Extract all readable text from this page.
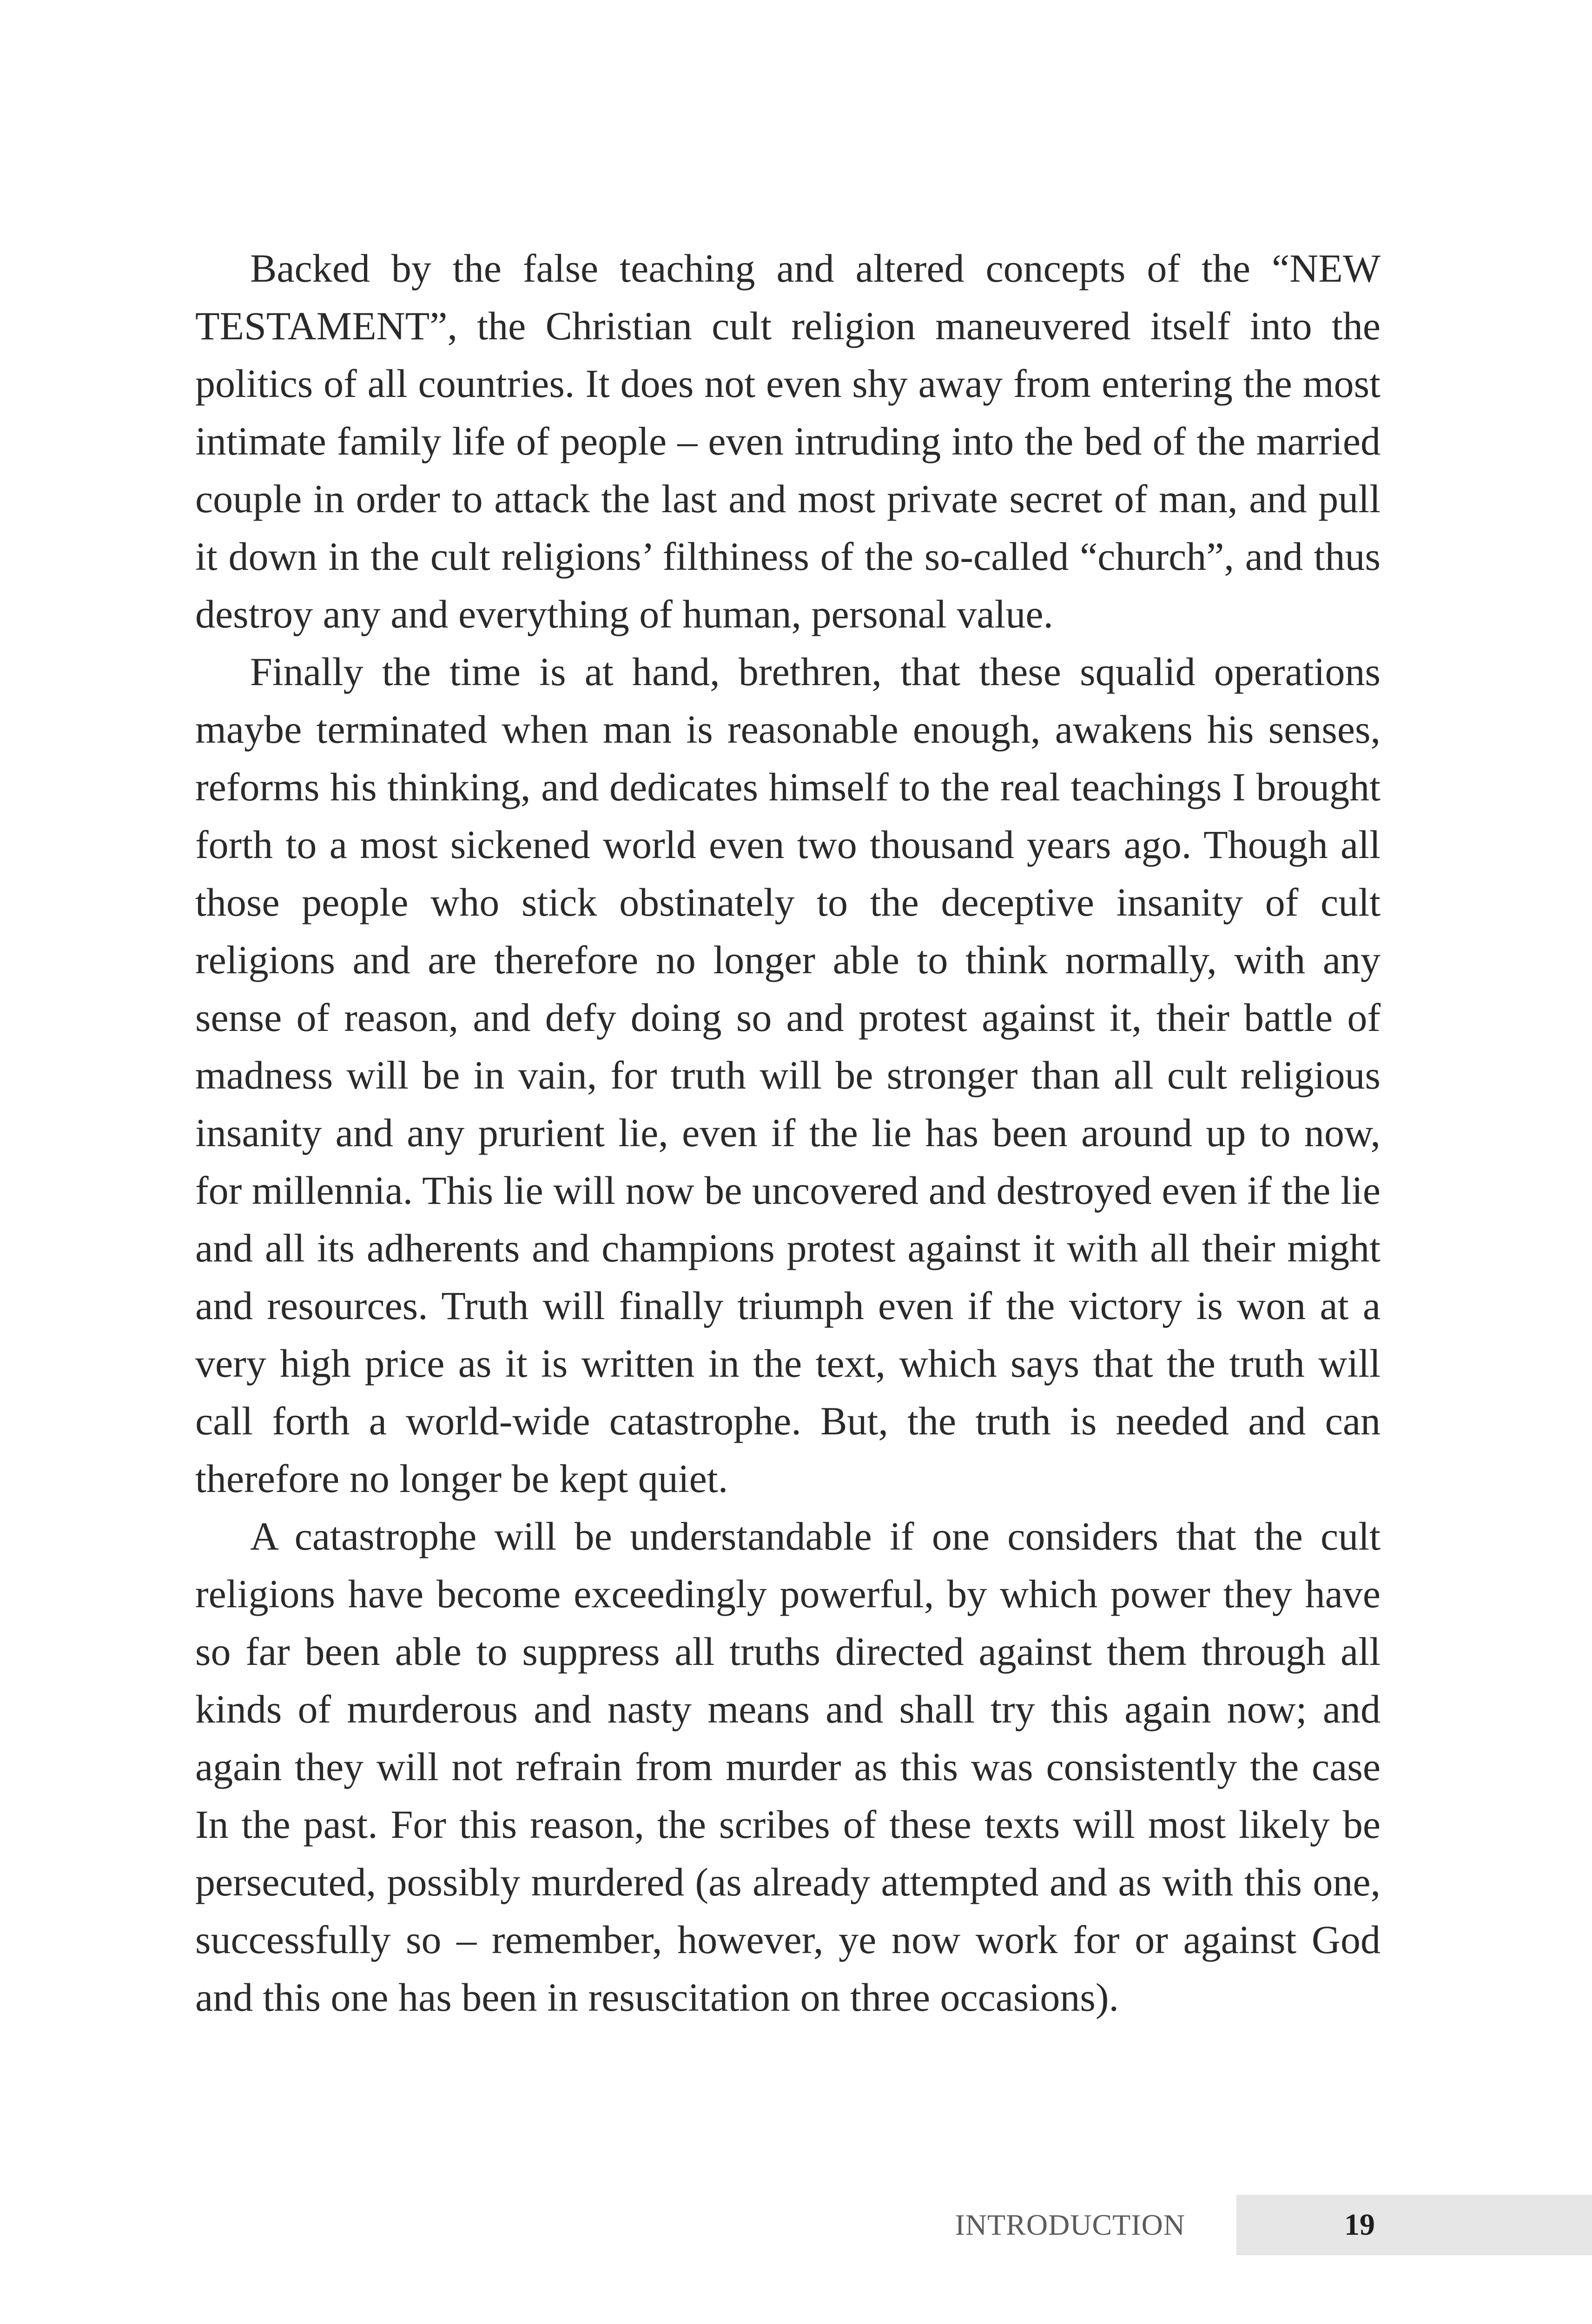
Backed by the false teaching and altered concepts of the “NEW TESTAMENT”, the Christian cult religion maneuvered itself into the politics of all countries. It does not even shy away from entering the most intimate family life of people – even intruding into the bed of the married couple in order to attack the last and most private secret of man, and pull it down in the cult religions’ filthiness of the so-called “church”, and thus destroy any and everything of human, personal value.

Finally the time is at hand, brethren, that these squalid operations maybe terminated when man is reasonable enough, awakens his senses, reforms his thinking, and dedicates himself to the real teachings I brought forth to a most sickened world even two thousand years ago. Though all those people who stick obstinately to the deceptive insanity of cult religions and are therefore no longer able to think normally, with any sense of reason, and defy doing so and protest against it, their battle of madness will be in vain, for truth will be stronger than all cult religious insanity and any prurient lie, even if the lie has been around up to now, for millennia. This lie will now be uncovered and destroyed even if the lie and all its adherents and champions protest against it with all their might and resources. Truth will finally triumph even if the victory is won at a very high price as it is written in the text, which says that the truth will call forth a world-wide catastrophe. But, the truth is needed and can therefore no longer be kept quiet.

A catastrophe will be understandable if one considers that the cult religions have become exceedingly powerful, by which power they have so far been able to suppress all truths directed against them through all kinds of murderous and nasty means and shall try this again now; and again they will not refrain from murder as this was consistently the case In the past. For this reason, the scribes of these texts will most likely be persecuted, possibly murdered (as already attempted and as with this one, successfully so – remember, however, ye now work for or against God and this one has been in resuscitation on three occasions).

INTRODUCTION	19
